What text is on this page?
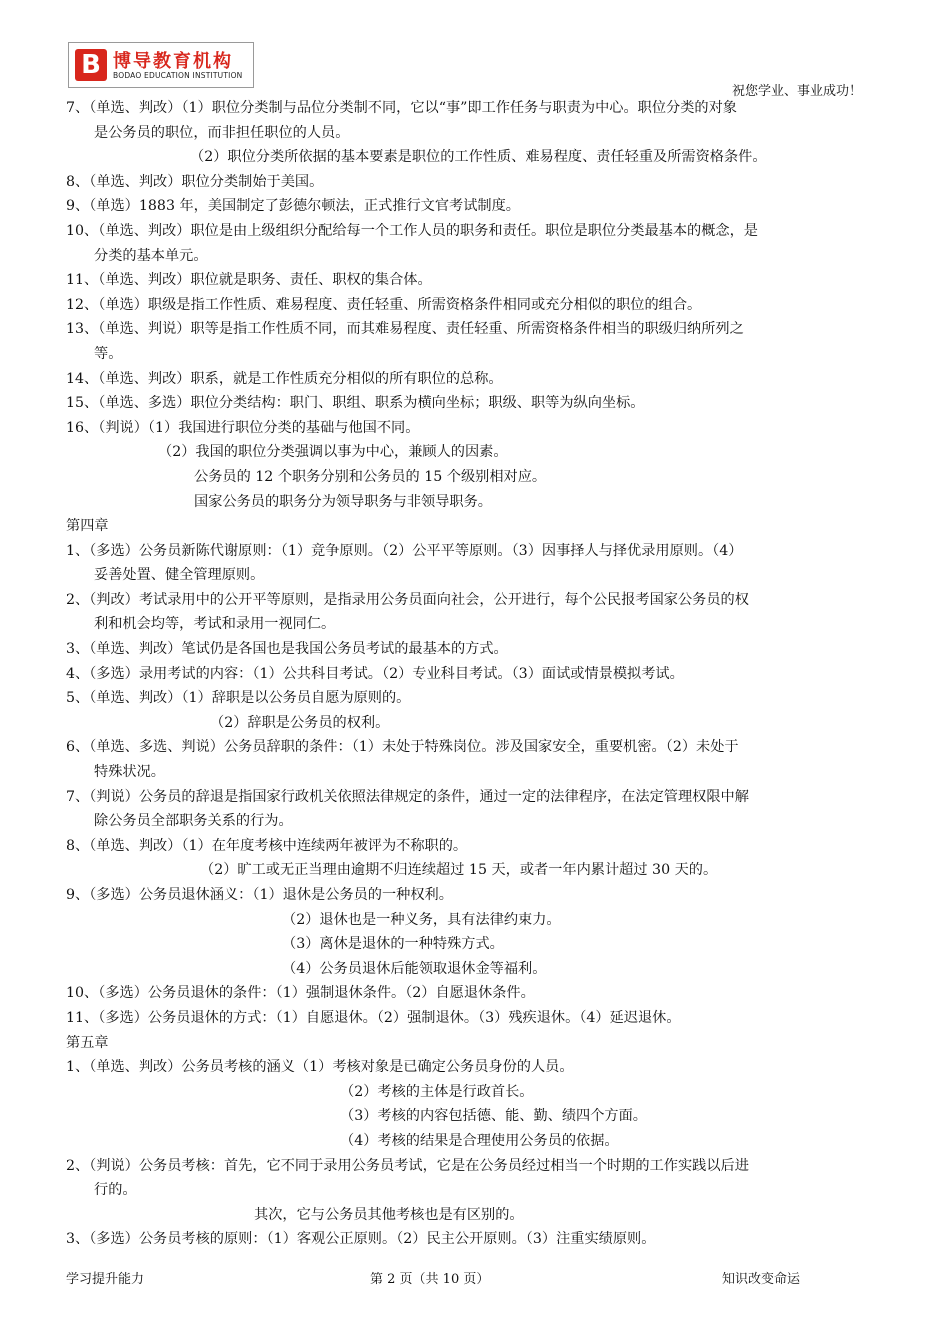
B 博导教育机构
BODAO EDUCATION INSTITUTION
祝您学业、事业成功！
7、（单选、判改）（1）职位分类制与品位分类制不同，它以“事”即工作任务与职责为中心。职位分类的对象
是公务员的职位，而非担任职位的人员。
（2）职位分类所依据的基本要素是职位的工作性质、难易程度、责任轻重及所需资格条件。
8、（单选、判改）职位分类制始于美国。
9、（单选）1883 年，美国制定了彭德尔顿法，正式推行文官考试制度。
10、（单选、判改）职位是由上级组织分配给每一个工作人员的职务和责任。职位是职位分类最基本的概念，是
分类的基本单元。
11、（单选、判改）职位就是职务、责任、职权的集合体。
12、（单选）职级是指工作性质、难易程度、责任轻重、所需资格条件相同或充分相似的职位的组合。
13、（单选、判说）职等是指工作性质不同，而其难易程度、责任轻重、所需资格条件相当的职级归纳所列之
等。
14、（单选、判改）职系，就是工作性质充分相似的所有职位的总称。
15、（单选、多选）职位分类结构：职门、职组、职系为横向坐标；职级、职等为纵向坐标。
16、（判说）（1）我国进行职位分类的基础与他国不同。
（2）我国的职位分类强调以事为中心，兼顾人的因素。
公务员的 12 个职务分别和公务员的 15 个级别相对应。
国家公务员的职务分为领导职务与非领导职务。
第四章
1、（多选）公务员新陈代谢原则：（1）竞争原则。（2）公平平等原则。（3）因事择人与择优录用原则。（4）
妥善处置、健全管理原则。
2、（判改）考试录用中的公开平等原则，是指录用公务员面向社会，公开进行，每个公民报考国家公务员的权
利和机会均等，考试和录用一视同仁。
3、（单选、判改）笔试仍是各国也是我国公务员考试的最基本的方式。
4、（多选）录用考试的内容：（1）公共科目考试。（2）专业科目考试。（3）面试或情景模拟考试。
5、（单选、判改）（1）辞职是以公务员自愿为原则的。
（2）辞职是公务员的权利。
6、（单选、多选、判说）公务员辞职的条件：（1）未处于特殊岗位。涉及国家安全，重要机密。（2）未处于
特殊状况。
7、（判说）公务员的辞退是指国家行政机关依照法律规定的条件，通过一定的法律程序，在法定管理权限中解
除公务员全部职务关系的行为。
8、（单选、判改）（1）在年度考核中连续两年被评为不称职的。
（2）旷工或无正当理由逾期不归连续超过 15 天，或者一年内累计超过 30 天的。
9、（多选）公务员退休涵义：（1）退休是公务员的一种权利。
（2）退休也是一种义务，具有法律约束力。
（3）离休是退休的一种特殊方式。
（4）公务员退休后能领取退休金等福利。
10、（多选）公务员退休的条件：（1）强制退休条件。（2）自愿退休条件。
11、（多选）公务员退休的方式：（1）自愿退休。（2）强制退休。（3）残疾退休。（4）延迟退休。
第五章
1、（单选、判改）公务员考核的涵义（1）考核对象是已确定公务员身份的人员。
（2）考核的主体是行政首长。
（3）考核的内容包括德、能、勤、绩四个方面。
（4）考核的结果是合理使用公务员的依据。
2、（判说）公务员考核：首先，它不同于录用公务员考试，它是在公务员经过相当一个时期的工作实践以后进
行的。
其次，它与公务员其他考核也是有区别的。
3、（多选）公务员考核的原则：（1）客观公正原则。（2）民主公开原则。（3）注重实绩原则。
学习提升能力	第 2 页（共 10 页）	知识改变命运
